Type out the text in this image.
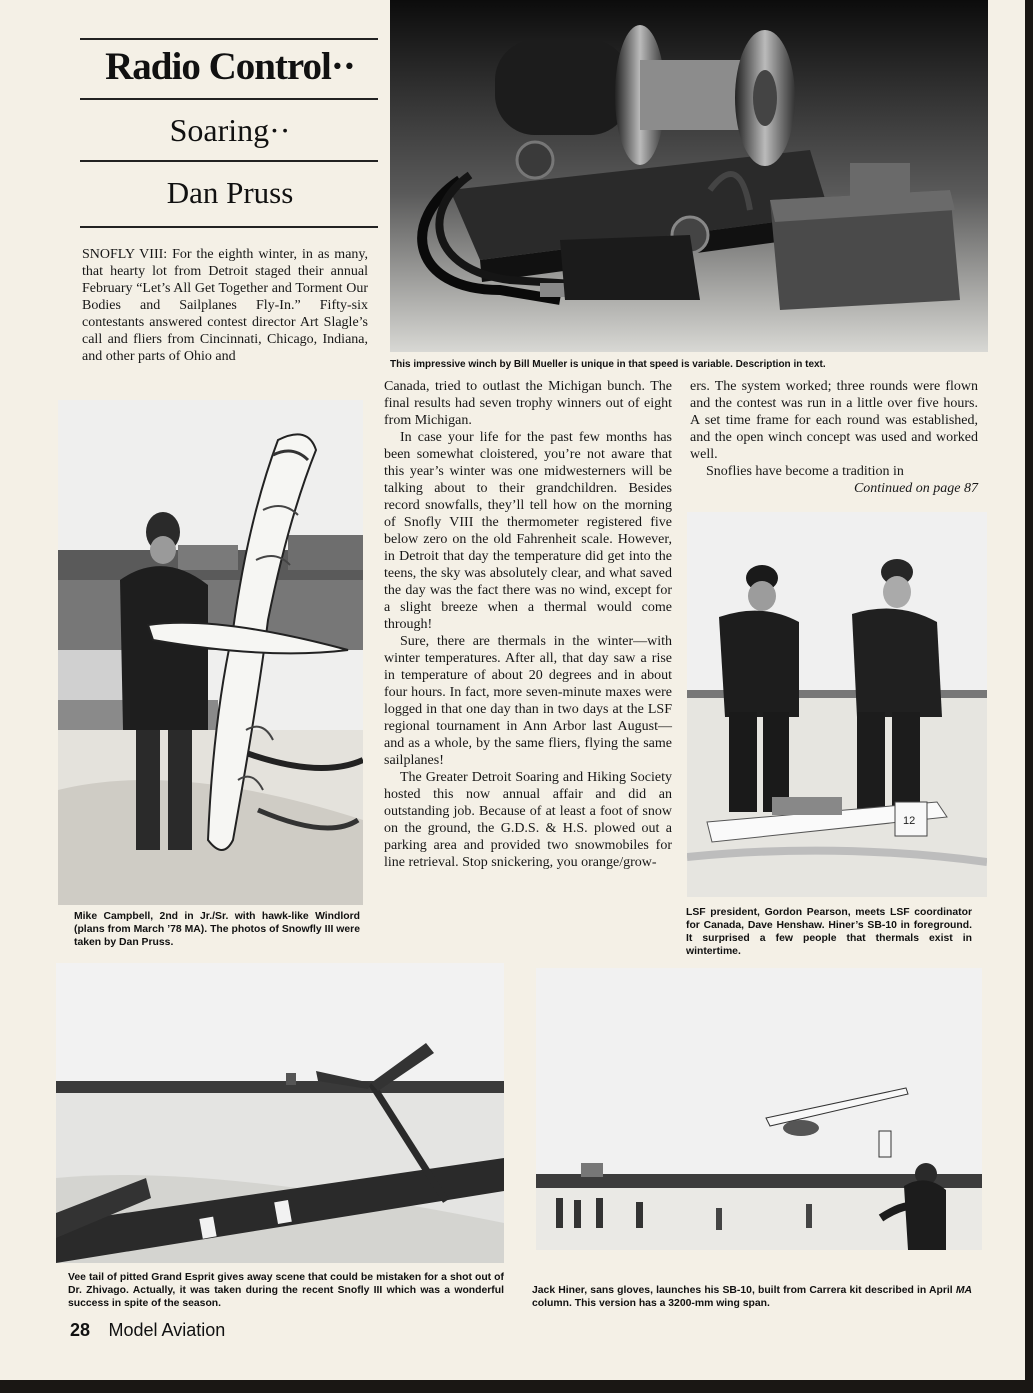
Radio Control··
Soaring··
Dan Pruss

SNOFLY VIII: For the eighth winter, in as many, that hearty lot from Detroit staged their annual February “Let’s All Get Together and Torment Our Bodies and Sailplanes Fly-In.” Fifty-six contestants answered contest director Art Slagle’s call and fliers from Cincinnati, Chicago, Indiana, and other parts of Ohio and

This impressive winch by Bill Mueller is unique in that speed is variable. Description in text.

Canada, tried to outlast the Michigan bunch. The final results had seven trophy winners out of eight from Michigan.

In case your life for the past few months has been somewhat cloistered, you’re not aware that this year’s winter was one midwesterners will be talking about to their grandchildren. Besides record snowfalls, they’ll tell how on the morning of Snofly VIII the thermometer registered five below zero on the old Fahrenheit scale. However, in Detroit that day the temperature did get into the teens, the sky was absolutely clear, and what saved the day was the fact there was no wind, except for a slight breeze when a thermal would come through!

Sure, there are thermals in the winter—with winter temperatures. After all, that day saw a rise in temperature of about 20 degrees and in about four hours. In fact, more seven-minute maxes were logged in that one day than in two days at the LSF regional tournament in Ann Arbor last August—and as a whole, by the same fliers, flying the same sailplanes!

The Greater Detroit Soaring and Hiking Society hosted this now annual affair and did an outstanding job. Because of at least a foot of snow on the ground, the G.D.S. & H.S. plowed out a parking area and provided two snowmobiles for line retrieval. Stop snickering, you orange/grow-

ers. The system worked; three rounds were flown and the contest was run in a little over five hours. A set time frame for each round was established, and the open winch concept was used and worked well.

Snoflies have become a tradition in

Continued on page 87

Mike Campbell, 2nd in Jr./Sr. with hawk-like Windlord (plans from March ’78 MA). The photos of Snowfly III were taken by Dan Pruss.
12
LSF president, Gordon Pearson, meets LSF coordinator for Canada, Dave Henshaw. Hiner’s SB-10 in foreground. It surprised a few people that thermals exist in wintertime.
Vee tail of pitted Grand Esprit gives away scene that could be mistaken for a shot out of Dr. Zhivago. Actually, it was taken during the recent Snofly III which was a wonderful success in spite of the season.
Jack Hiner, sans gloves, launches his SB-10, built from Carrera kit described in April MA column. This version has a 3200-mm wing span.
28 Model Aviation
